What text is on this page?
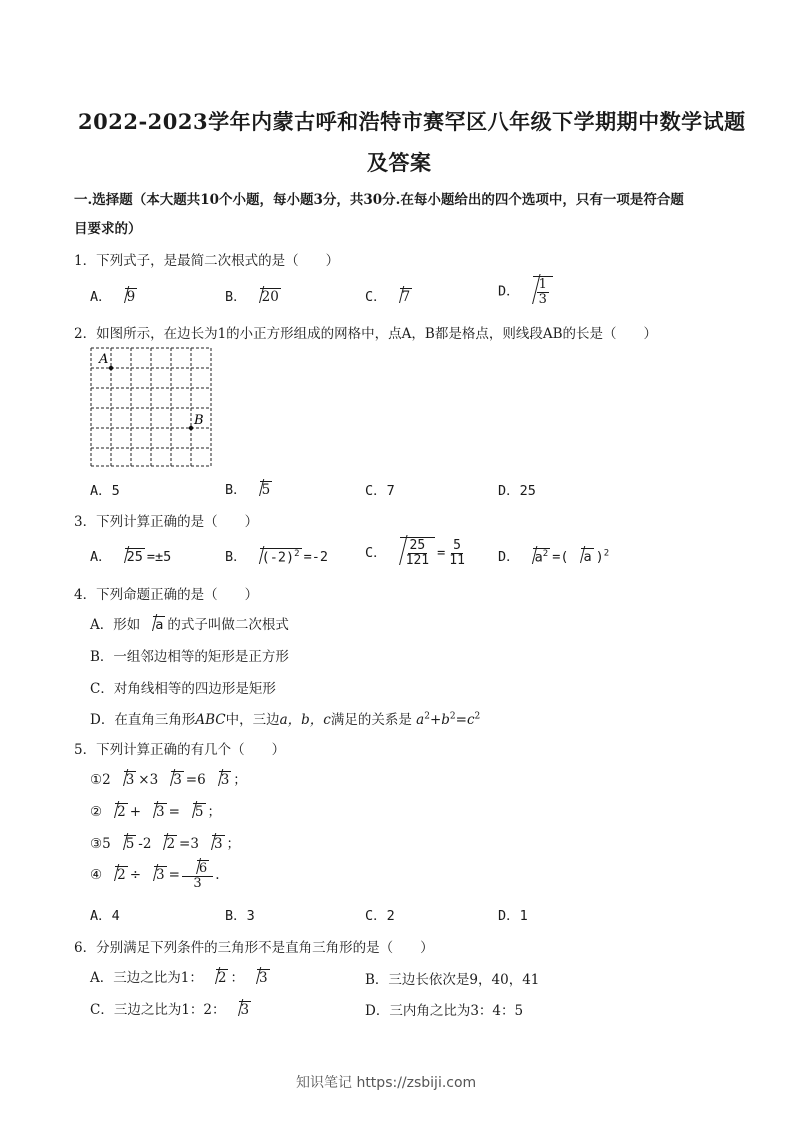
2022-2023学年内蒙古呼和浩特市赛罕区八年级下学期期中数学试题
及答案
一.选择题（本大题共10个小题，每小题3分，共30分.在每小题给出的四个选项中，只有一项是符合题
目要求的）
1．下列式子，是最简二次根式的是（　　）
A． 9	B． 20	C． 7	D． $\frac{1}{3}$
2．如图所示，在边长为1的小正方形组成的网格中，点A，B都是格点，则线段AB的长是（　　）
A
B
A．5	B． 5	C．7	D．25
3．下列计算正确的是（　　）
A． 25 =±5	B． $(-2)^2 =-2$	C． $\frac{25}{121} = \frac{5}{11}$ D． $a^2$ =( a )$^2$
4．下列命题正确的是（　　）
A．形如 a 的式子叫做二次根式
B．一组邻边相等的矩形是正方形
C．对角线相等的四边形是矩形
D．在直角三角形ABC中，三边a，b，c满足的关系是 $a^2+b^2=c^2$
5．下列计算正确的有几个（　　）
①2 3 ×3 3 =6 3 ；
② 2 + 3 = 5 ；
③5 5 -2 2 =3 3 ；
④ $2 \div 3 = \frac{6}{3}$ .
A．4	B．3	C．2	D．1
6．分别满足下列条件的三角形不是直角三角形的是（　　）
A．三边之比为1： 2 ： 3	B．三边长依次是9，40，41
C．三边之比为1：2： 3	D．三内角之比为3：4：5
知识笔记 https://zsbiji.com
